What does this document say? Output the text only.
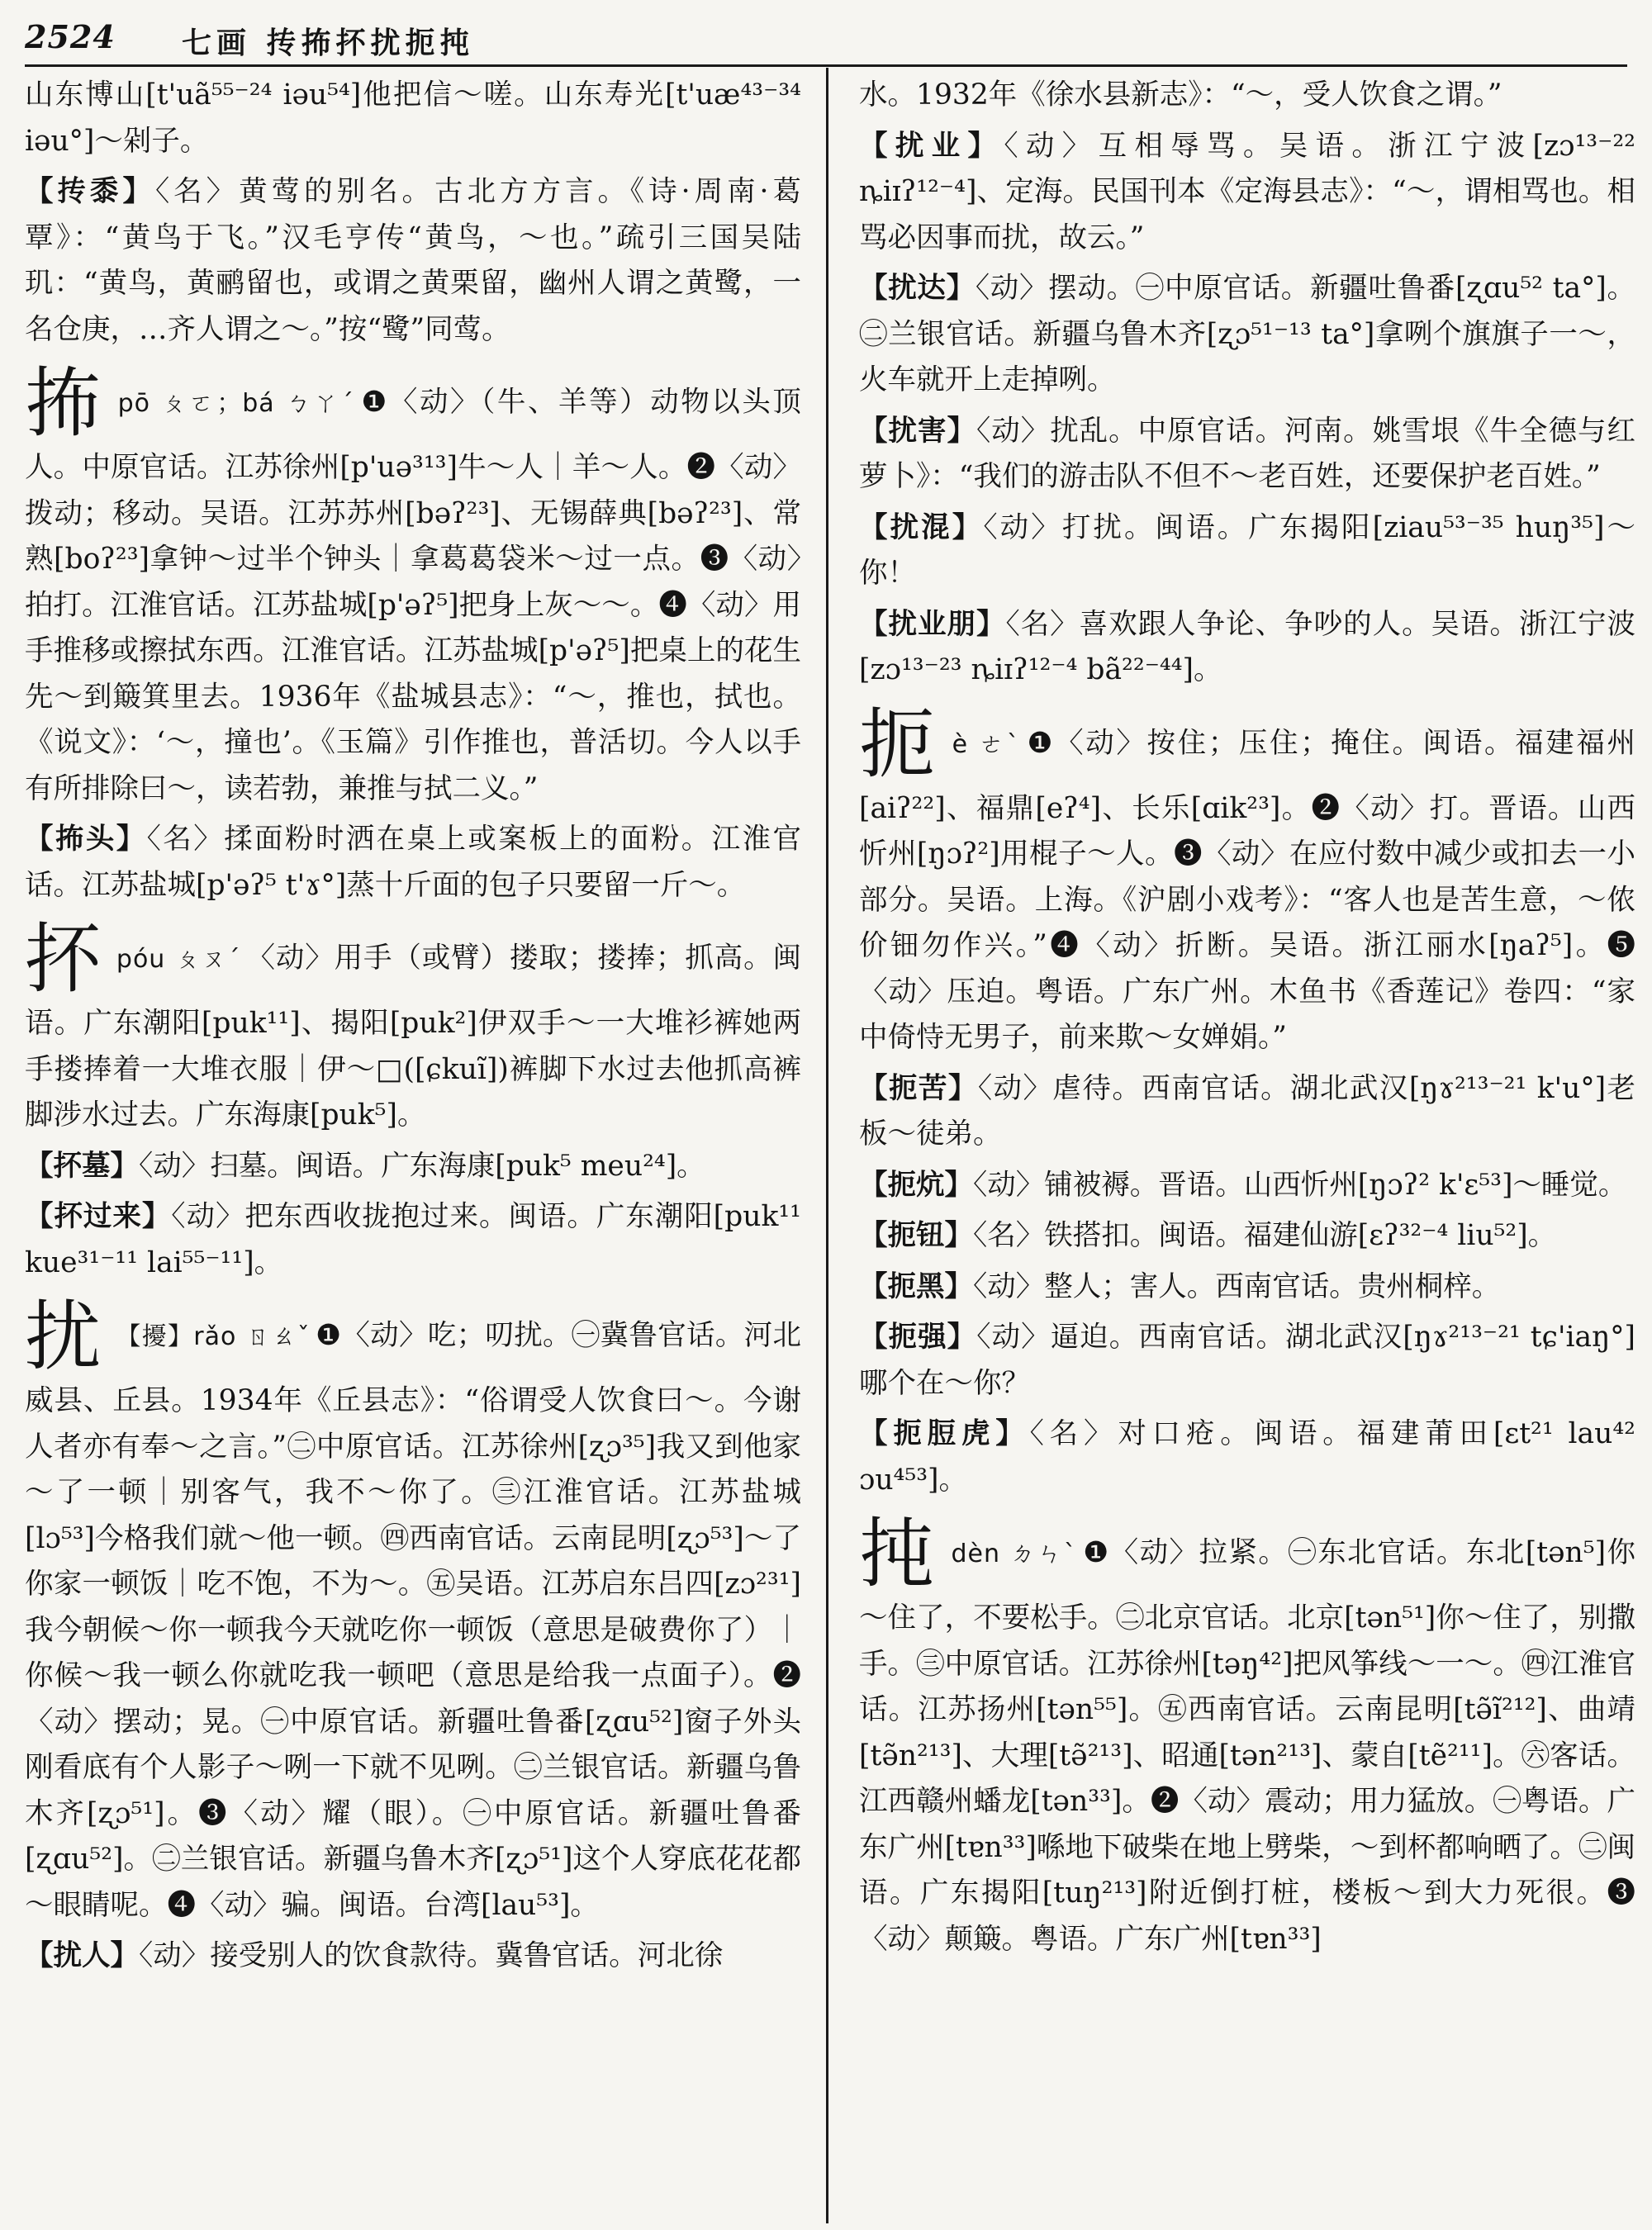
2524 七画 抟抪抔扰扼扽

山东博山[t'uã⁵⁵⁻²⁴ iəu⁵⁴]他把信～嗟。山东寿光[t'uæ⁴³⁻³⁴ iəu°]～剁子。

【抟黍】〈名〉黄莺的别名。古北方方言。《诗·周南·葛覃》：“黄鸟于飞。”汉毛亨传“黄鸟，～也。”疏引三国吴陆玑：“黄鸟，黄鹂留也，或谓之黄栗留，幽州人谓之黄鹭，一名仓庚，…齐人谓之～。”按“鹭”同莺。

抪pō ㄆㄛ；bá ㄅㄚˊ ❶〈动〉（牛、羊等）动物以头顶人。中原官话。江苏徐州[p'uə³¹³]牛～人｜羊～人。❷〈动〉拨动；移动。吴语。江苏苏州[bəʔ²³]、无锡薛典[bəʔ²³]、常熟[boʔ²³]拿钟～过半个钟头｜拿葛葛袋米～过一点。❸〈动〉拍打。江淮官话。江苏盐城[p'əʔ⁵]把身上灰～～。❹〈动〉用手推移或擦拭东西。江淮官话。江苏盐城[p'əʔ⁵]把桌上的花生先～到簸箕里去。1936年《盐城县志》：“～，推也，拭也。《说文》：‘～，撞也’。《玉篇》引作推也，普活切。今人以手有所排除曰～，读若勃，兼推与拭二义。”

【抪头】〈名〉揉面粉时洒在桌上或案板上的面粉。江淮官话。江苏盐城[p'əʔ⁵ t'ɤ°]蒸十斤面的包子只要留一斤～。

抔póu ㄆㄡˊ 〈动〉用手（或臂）搂取；搂捧；抓高。闽语。广东潮阳[puk¹¹]、揭阳[puk²]伊双手～一大堆衫裤她两手搂捧着一大堆衣服｜伊～□([ɕkuĩ])裤脚下水过去他抓高裤脚涉水过去。广东海康[puk⁵]。

【抔墓】〈动〉扫墓。闽语。广东海康[puk⁵ meu²⁴]。

【抔过来】〈动〉把东西收拢抱过来。闽语。广东潮阳[puk¹¹ kue³¹⁻¹¹ lai⁵⁵⁻¹¹]。

扰 【擾】rǎo ㄖㄠˇ ❶〈动〉吃；叨扰。㊀冀鲁官话。河北威县、丘县。1934年《丘县志》：“俗谓受人饮食曰～。今谢人者亦有奉～之言。”㊁中原官话。江苏徐州[ʐɔ³⁵]我又到他家～了一顿｜别客气，我不～你了。㊂江淮官话。江苏盐城[lɔ⁵³]今格我们就～他一顿。㊃西南官话。云南昆明[ʐɔ⁵³]～了你家一顿饭｜吃不饱，不为～。㊄吴语。江苏启东吕四[zɔ²³¹]我今朝候～你一顿我今天就吃你一顿饭（意思是破费你了）｜你候～我一顿么你就吃我一顿吧（意思是给我一点面子）。❷〈动〉摆动；晃。㊀中原官话。新疆吐鲁番[ʐɑu⁵²]窗子外头刚看底有个人影子～咧一下就不见咧。㊁兰银官话。新疆乌鲁木齐[ʐɔ⁵¹]。❸〈动〉耀（眼）。㊀中原官话。新疆吐鲁番[ʐɑu⁵²]。㊁兰银官话。新疆乌鲁木齐[ʐɔ⁵¹]这个人穿底花花都～眼睛呢。❹〈动〉骗。闽语。台湾[lau⁵³]。

【扰人】〈动〉接受别人的饮食款待。冀鲁官话。河北徐

水。1932年《徐水县新志》：“～，受人饮食之谓。”

【扰业】〈动〉互相辱骂。吴语。浙江宁波[zɔ¹³⁻²² ȵiɪʔ¹²⁻⁴]、定海。民国刊本《定海县志》：“～，谓相骂也。相骂必因事而扰，故云。”

【扰达】〈动〉摆动。㊀中原官话。新疆吐鲁番[ʐɑu⁵² ta°]。㊁兰银官话。新疆乌鲁木齐[ʐɔ⁵¹⁻¹³ ta°]拿咧个旗旗子一～，火车就开上走掉咧。

【扰害】〈动〉扰乱。中原官话。河南。姚雪垠《牛全德与红萝卜》：“我们的游击队不但不～老百姓，还要保护老百姓。”

【扰混】〈动〉打扰。闽语。广东揭阳[ziau⁵³⁻³⁵ huŋ³⁵]～你！

【扰业朋】〈名〉喜欢跟人争论、争吵的人。吴语。浙江宁波[zɔ¹³⁻²³ ȵiɪʔ¹²⁻⁴ bã²²⁻⁴⁴]。

扼è ㄜˋ ❶〈动〉按住；压住；掩住。闽语。福建福州[aiʔ²²]、福鼎[eʔ⁴]、长乐[ɑik²³]。❷〈动〉打。晋语。山西忻州[ŋɔʔ²]用棍子～人。❸〈动〉在应付数中减少或扣去一小部分。吴语。上海。《沪剧小戏考》：“客人也是苦生意，～侬价钿勿作兴。”❹〈动〉折断。吴语。浙江丽水[ŋaʔ⁵]。❺〈动〉压迫。粤语。广东广州。木鱼书《香莲记》卷四：“家中倚恃无男子，前来欺～女婵娟。”

【扼苦】〈动〉虐待。西南官话。湖北武汉[ŋɤ²¹³⁻²¹ k'u°]老板～徒弟。

【扼炕】〈动〉铺被褥。晋语。山西忻州[ŋɔʔ² k'ɛ⁵³]～睡觉。

【扼钮】〈名〉铁搭扣。闽语。福建仙游[ɛʔ³²⁻⁴ liu⁵²]。

【扼黑】〈动〉整人；害人。西南官话。贵州桐梓。

【扼强】〈动〉逼迫。西南官话。湖北武汉[ŋɤ²¹³⁻²¹ tɕ'iaŋ°]哪个在～你？

【扼脰虎】〈名〉对口疮。闽语。福建莆田[ɛt²¹ lau⁴² ɔu⁴⁵³]。

扽dèn ㄉㄣˋ ❶〈动〉拉紧。㊀东北官话。东北[tən⁵]你～住了，不要松手。㊁北京官话。北京[tən⁵¹]你～住了，别撒手。㊂中原官话。江苏徐州[təŋ⁴²]把风筝线～一～。㊃江淮官话。江苏扬州[tən⁵⁵]。㊄西南官话。云南昆明[tə̃ĩ²¹²]、曲靖[tə̃n²¹³]、大理[tə̃²¹³]、昭通[tən²¹³]、蒙自[tẽ²¹¹]。㊅客话。江西赣州蟠龙[tən³³]。❷〈动〉震动；用力猛放。㊀粤语。广东广州[tɐn³³]喺地下破柴在地上劈柴，～到杯都响晒了。㊁闽语。广东揭阳[tuŋ²¹³]附近倒打桩，楼板～到大力死很。❸〈动〉颠簸。粤语。广东广州[tɐn³³]
